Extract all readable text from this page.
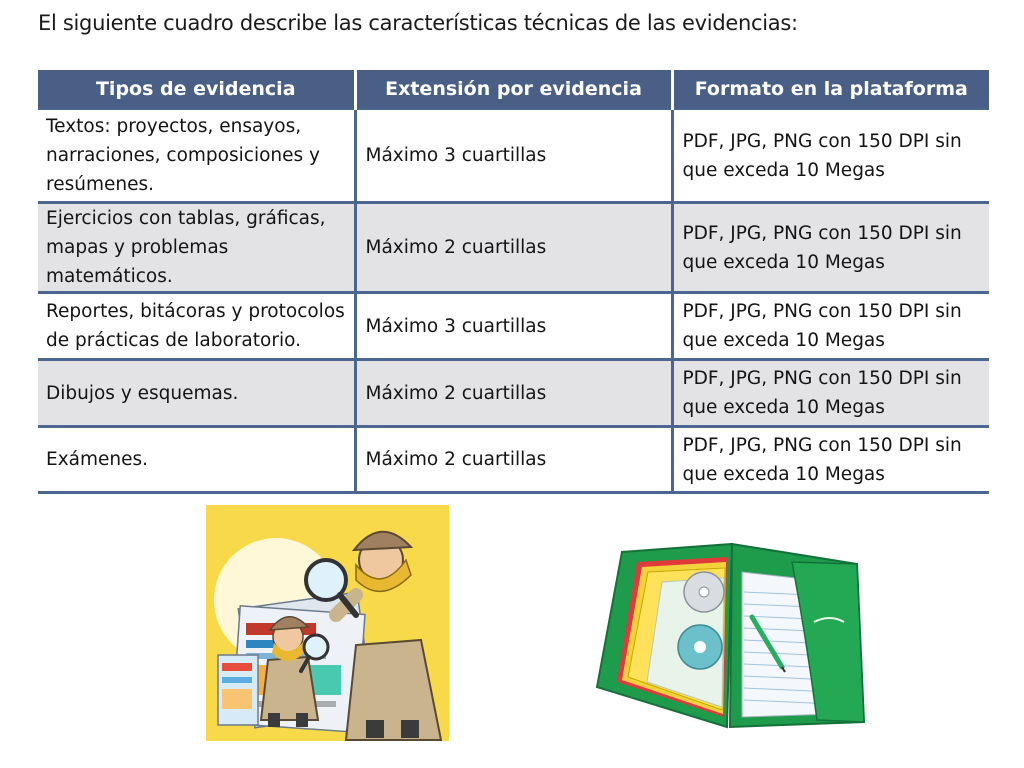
El siguiente cuadro describe las características técnicas de las evidencias:

Tipos de evidencia	Extensión por evidencia	Formato en la plataforma
Textos: proyectos, ensayos, narraciones, composiciones y resúmenes.	Máximo 3 cuartillas	PDF, JPG, PNG con 150 DPI sin que exceda 10 Megas
Ejercicios con tablas, gráficas, mapas y problemas matemáticos.	Máximo 2 cuartillas	PDF, JPG, PNG con 150 DPI sin que exceda 10 Megas
Reportes, bitácoras y protocolos de prácticas de laboratorio.	Máximo 3 cuartillas	PDF, JPG, PNG con 150 DPI sin que exceda 10 Megas
Dibujos y esquemas.	Máximo 2 cuartillas	PDF, JPG, PNG con 150 DPI sin que exceda 10 Megas
Exámenes.	Máximo 2 cuartillas	PDF, JPG, PNG con 150 DPI sin que exceda 10 Megas
